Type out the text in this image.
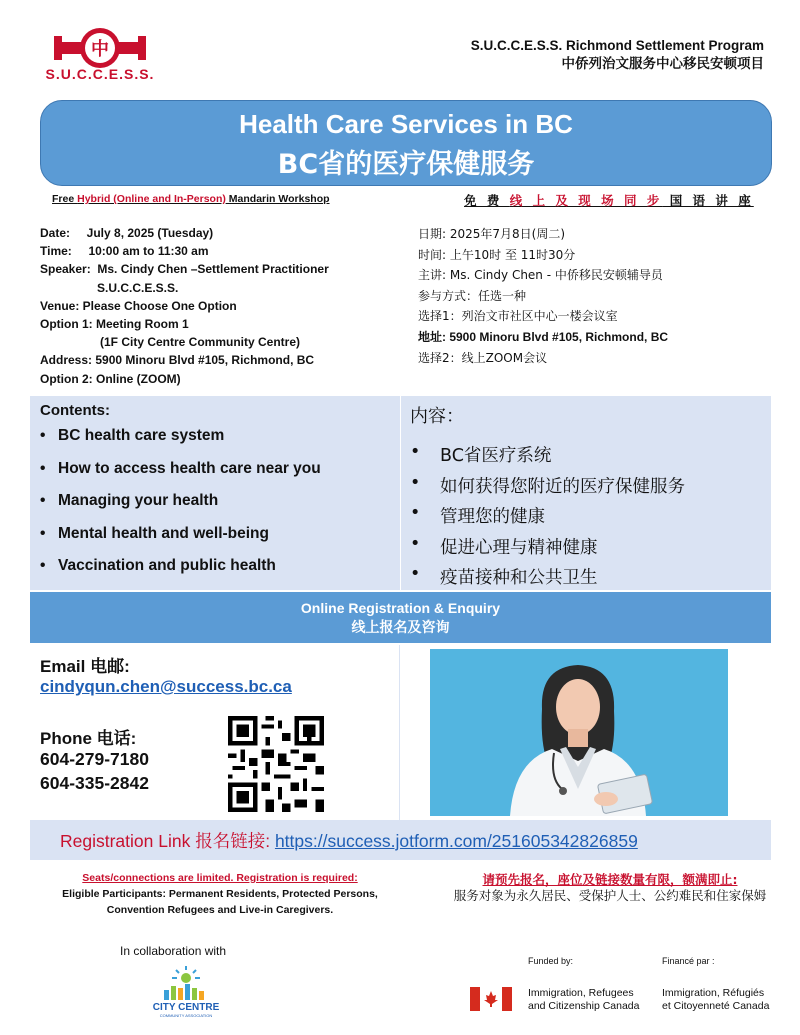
中
S.U.C.C.E.S.S.
S.U.C.C.E.S.S. Richmond Settlement Program
中侨列治文服务中心移民安顿项目
Health Care Services in BC
BC省的医疗保健服务
Free Hybrid (Online and In-Person) Mandarin Workshop	免 费 线 上 及 现 场 同 步 国 语 讲 座
Date:     July 8, 2025 (Tuesday)
Time:     10:00 am to 11:30 am
Speaker:  Ms. Cindy Chen –Settlement Practitioner
S.U.C.C.E.S.S.
Venue: Please Choose One Option
Option 1: Meeting Room 1
(1F City Centre Community Centre)
Address: 5900 Minoru Blvd #105, Richmond, BC
Option 2: Online (ZOOM)
日期: 2025年7月8日(周二)
时间: 上午10时 至 11时30分
主讲: Ms. Cindy Chen - 中侨移民安顿辅导员
参与方式：任选一种
选择1：列治文市社区中心一楼会议室
地址: 5900 Minoru Blvd #105, Richmond, BC
选择2：线上ZOOM会议
Contents:
• BC health care system
• How to access health care near you
• Managing your health
• Mental health and well-being
• Vaccination and public health
内容：
• BC省医疗系统
• 如何获得您附近的医疗保健服务
• 管理您的健康
• 促进心理与精神健康
• 疫苗接种和公共卫生
Online Registration & Enquiry
线上报名及咨询
Email 电邮:
cindyqun.chen@success.bc.ca
Phone 电话:
604-279-7180
604-335-2842
Registration Link 报名链接: https://success.jotform.com/251605342826859
Seats/connections are limited. Registration is required:
Eligible Participants: Permanent Residents, Protected Persons, Convention Refugees and Live-in Caregivers.
请预先报名，座位及链接数量有限，额满即止:
服务对象为永久居民、受保护人士、公约难民和住家保姆
In collaboration with
CITY CENTRE
COMMUNITY ASSOCIATION
Funded by:	Financé par :
Immigration, Refugees
and Citizenship Canada
Immigration, Réfugiés
et Citoyenneté Canada
